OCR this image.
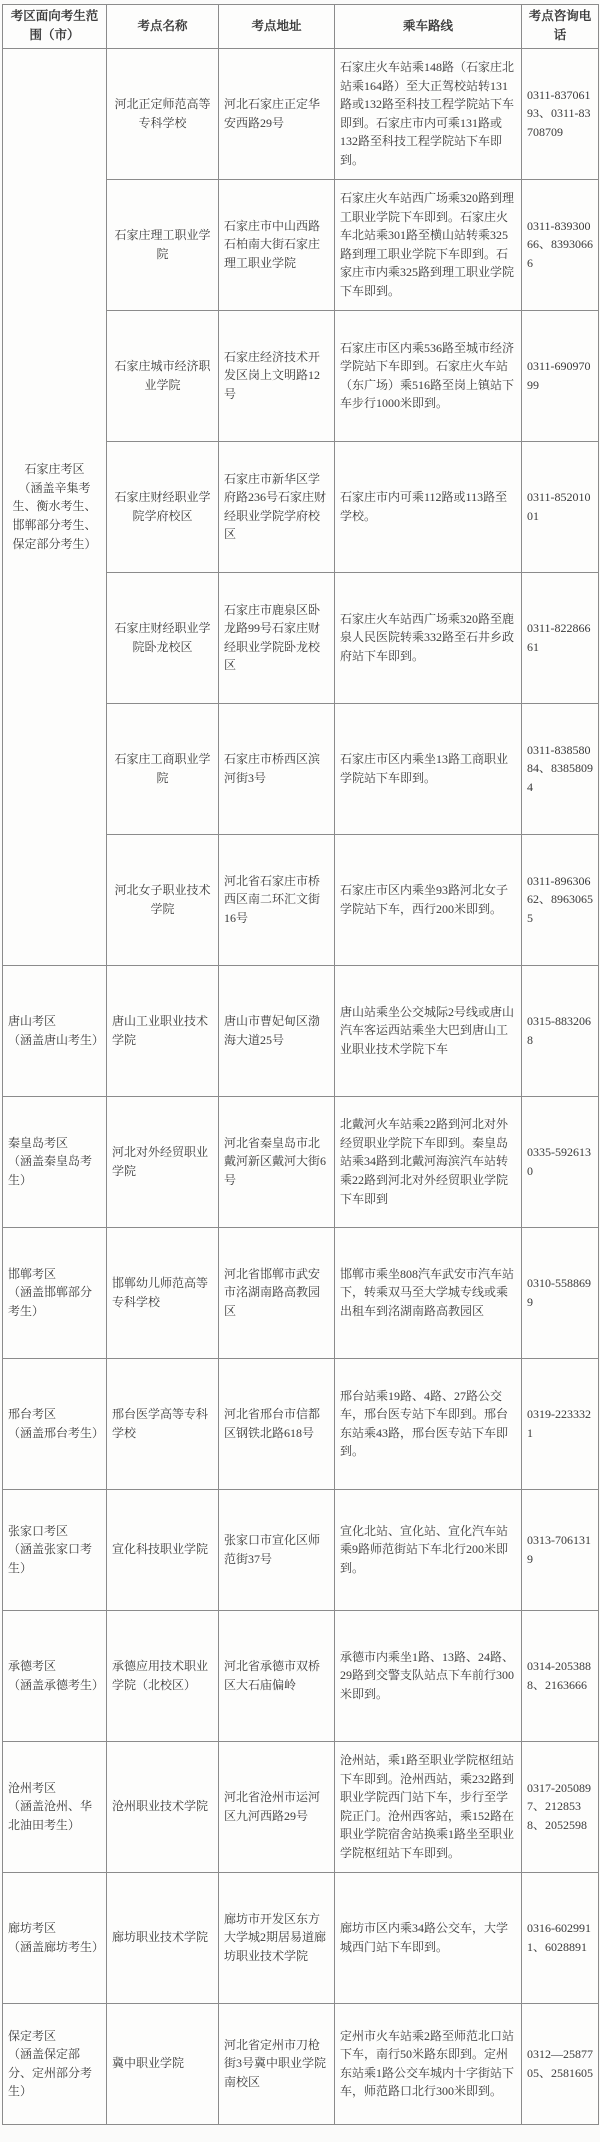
考区面向考生范围（市）	考点名称	考点地址	乘车路线	考点咨询电话

石家庄考区
（涵盖辛集考生、衡水考生、邯郸部分考生、保定部分考生）	河北正定师范高等专科学校	河北石家庄正定华安西路29号	石家庄火车站乘148路（石家庄北站乘164路）至大正驾校站转131路或132路至科技工程学院站下车即到。石家庄市内可乘131路或132路至科技工程学院站下车即到。	0311-83706193、0311-83708709
	石家庄理工职业学院	石家庄市中山西路石柏南大街石家庄理工职业学院	石家庄火车站西广场乘320路到理工职业学院下车即到。石家庄火车北站乘301路至横山站转乘325路到理工职业学院下车即到。石家庄市内乘325路到理工职业学院下车即到。	0311-83930066、83930666
	石家庄城市经济职业学院	石家庄经济技术开发区岗上文明路12号	石家庄市区内乘536路至城市经济学院站下车即到。石家庄火车站（东广场）乘516路至岗上镇站下车步行1000米即到。	0311-69097099
	石家庄财经职业学院学府校区	石家庄市新华区学府路236号石家庄财经职业学院学府校区	石家庄市内可乘112路或113路至学校。	0311-85201001
	石家庄财经职业学院卧龙校区	石家庄市鹿泉区卧龙路99号石家庄财经职业学院卧龙校区	石家庄火车站西广场乘320路至鹿泉人民医院转乘332路至石井乡政府站下车即到。	0311-82286661
	石家庄工商职业学院	石家庄市桥西区滨河街3号	石家庄市区内乘坐13路工商职业学院站下车即到。	0311-83858084、83858094
	河北女子职业技术学院	河北省石家庄市桥西区南二环汇文街16号	石家庄市区内乘坐93路河北女子学院站下车，西行200米即到。	0311-89630662、89630655

唐山考区
（涵盖唐山考生）	唐山工业职业技术学院	唐山市曹妃甸区渤海大道25号	唐山站乘坐公交城际2号线或唐山汽车客运西站乘坐大巴到唐山工业职业技术学院下车	0315-8832068

秦皇岛考区
（涵盖秦皇岛考生）	河北对外经贸职业学院	河北省秦皇岛市北戴河新区戴河大街6号	北戴河火车站乘22路到河北对外经贸职业学院下车即到。秦皇岛站乘34路到北戴河海滨汽车站转乘22路到河北对外经贸职业学院下车即到	0335-5926130

邯郸考区
（涵盖邯郸部分考生）	邯郸幼儿师范高等专科学校	河北省邯郸市武安市洺湖南路高教园区	邯郸市乘坐808汽车武安市汽车站下，转乘双马至大学城专线或乘出租车到洺湖南路高教园区	0310-5588699

邢台考区
（涵盖邢台考生）	邢台医学高等专科学校	河北省邢台市信都区钢铁北路618号	邢台站乘19路、4路、27路公交车，邢台医专站下车即到。邢台东站乘43路，邢台医专站下车即到。	0319-2233321

张家口考区
（涵盖张家口考生）	宣化科技职业学院	张家口市宣化区师范街37号	宣化北站、宣化站、宣化汽车站乘9路师范街站下车北行200米即到。	0313-7061319

承德考区
（涵盖承德考生）	承德应用技术职业学院（北校区）	河北省承德市双桥区大石庙偏岭	承德市内乘坐1路、13路、24路、29路到交警支队站点下车前行300米即到。	0314-2053888、2163666

沧州考区
（涵盖沧州、华北油田考生）	沧州职业技术学院	河北省沧州市运河区九河西路29号	沧州站，乘1路至职业学院枢纽站下车即到。沧州西站，乘232路到职业学院西门站下车，步行至学院正门。沧州西客站，乘152路在职业学院宿舍站换乘1路坐至职业学院枢纽站下车即到。	0317-2050897、2128538、2052598

廊坊考区
（涵盖廊坊考生）	廊坊职业技术学院	廊坊市开发区东方大学城2期居易道廊坊职业技术学院	廊坊市区内乘34路公交车，大学城西门站下车即到。	0316-6029911、6028891

保定考区
（涵盖保定部分、定州部分考生）	冀中职业学院	河北省定州市刀枪街3号冀中职业学院南校区	定州市火车站乘2路至师范北口站下车，南行50米路东即到。定州东站乘1路公交车城内十字街站下车，师范路口北行300米即到。	0312—2587705、2581605
